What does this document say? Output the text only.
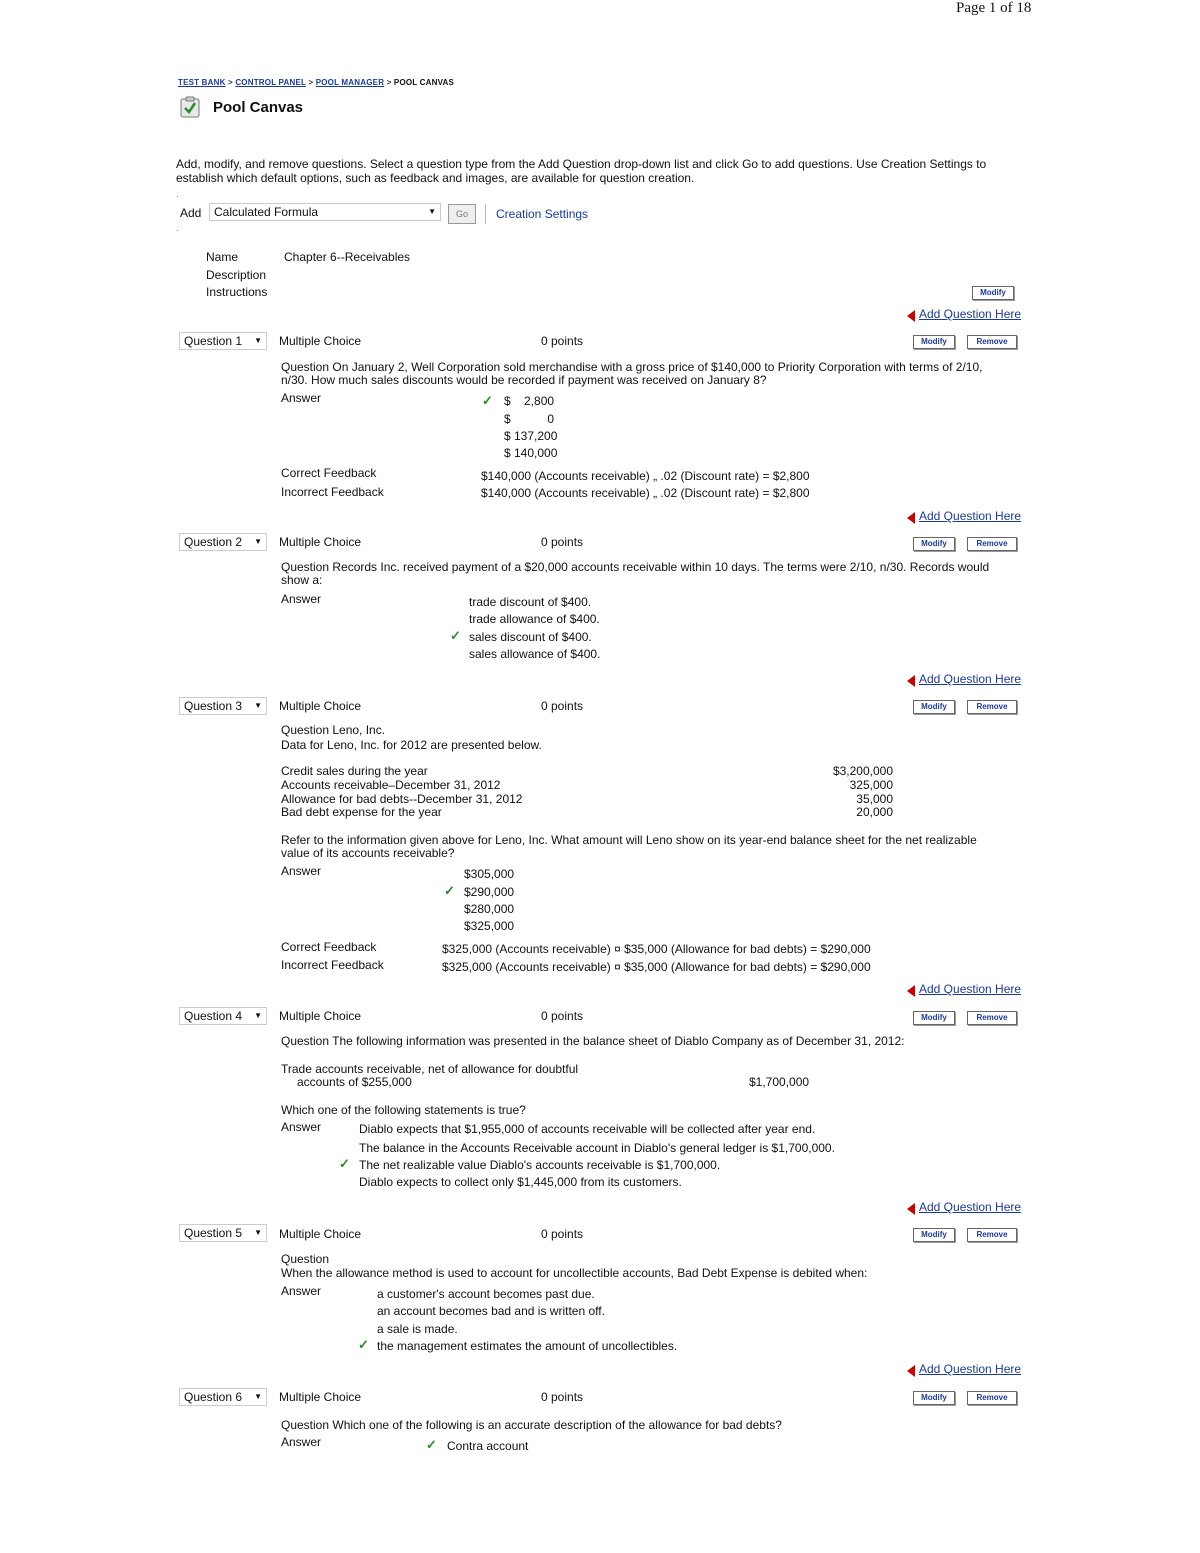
Page 1 of 18
TEST BANK > CONTROL PANEL > POOL MANAGER > POOL CANVAS
Pool Canvas
Add, modify, and remove questions. Select a question type from the Add Question drop-down list and click Go to add questions. Use Creation Settings to establish which default options, such as feedback and images, are available for question creation.
·
Add	Calculated Formula	▼	Go	Creation Settings
·
Name	Chapter 6--Receivables
Description
Instructions	Modify
Add Question Here
Question 1 ▼ Multiple Choice	0 points	Modify	Remove
Question On January 2, Well Corporation sold merchandise with a gross price of $140,000 to Priority Corporation with terms of 2/10, n/30. How much sales discounts would be recorded if payment was received on January 8?
Answer	✓ $    2,800
$           0
$ 137,200
$ 140,000
Correct Feedback	$140,000 (Accounts receivable) „ .02 (Discount rate) = $2,800
Incorrect Feedback	$140,000 (Accounts receivable) „ .02 (Discount rate) = $2,800
Add Question Here
Question 2 ▼ Multiple Choice	0 points	Modify	Remove
Question Records Inc. received payment of a $20,000 accounts receivable within 10 days. The terms were 2/10, n/30. Records would show a:
Answer	trade discount of $400.
trade allowance of $400.
✓ sales discount of $400.
sales allowance of $400.
Add Question Here
Question 3 ▼ Multiple Choice	0 points	Modify	Remove
Question Leno, Inc.
Data for Leno, Inc. for 2012 are presented below.
Credit sales during the year	$3,200,000
Accounts receivable–December 31, 2012	325,000
Allowance for bad debts--December 31, 2012	35,000
Bad debt expense for the year	20,000
Refer to the information given above for Leno, Inc. What amount will Leno show on its year-end balance sheet for the net realizable value of its accounts receivable?
Answer	$305,000
✓ $290,000
$280,000
$325,000
Correct Feedback	$325,000 (Accounts receivable) ¤ $35,000 (Allowance for bad debts) = $290,000
Incorrect Feedback	$325,000 (Accounts receivable) ¤ $35,000 (Allowance for bad debts) = $290,000
Add Question Here
Question 4 ▼ Multiple Choice	0 points	Modify	Remove
Question The following information was presented in the balance sheet of Diablo Company as of December 31, 2012:
Trade accounts receivable, net of allowance for doubtful
accounts of $255,000	$1,700,000
Which one of the following statements is true?
Answer	Diablo expects that $1,955,000 of accounts receivable will be collected after year end.
The balance in the Accounts Receivable account in Diablo's general ledger is $1,700,000.
✓ The net realizable value Diablo's accounts receivable is $1,700,000.
Diablo expects to collect only $1,445,000 from its customers.
Add Question Here
Question 5 ▼ Multiple Choice	0 points	Modify	Remove
Question
When the allowance method is used to account for uncollectible accounts, Bad Debt Expense is debited when:
Answer	a customer's account becomes past due.
an account becomes bad and is written off.
a sale is made.
✓ the management estimates the amount of uncollectibles.
Add Question Here
Question 6 ▼ Multiple Choice	0 points	Modify	Remove
Question Which one of the following is an accurate description of the allowance for bad debts?
Answer	✓ Contra account
